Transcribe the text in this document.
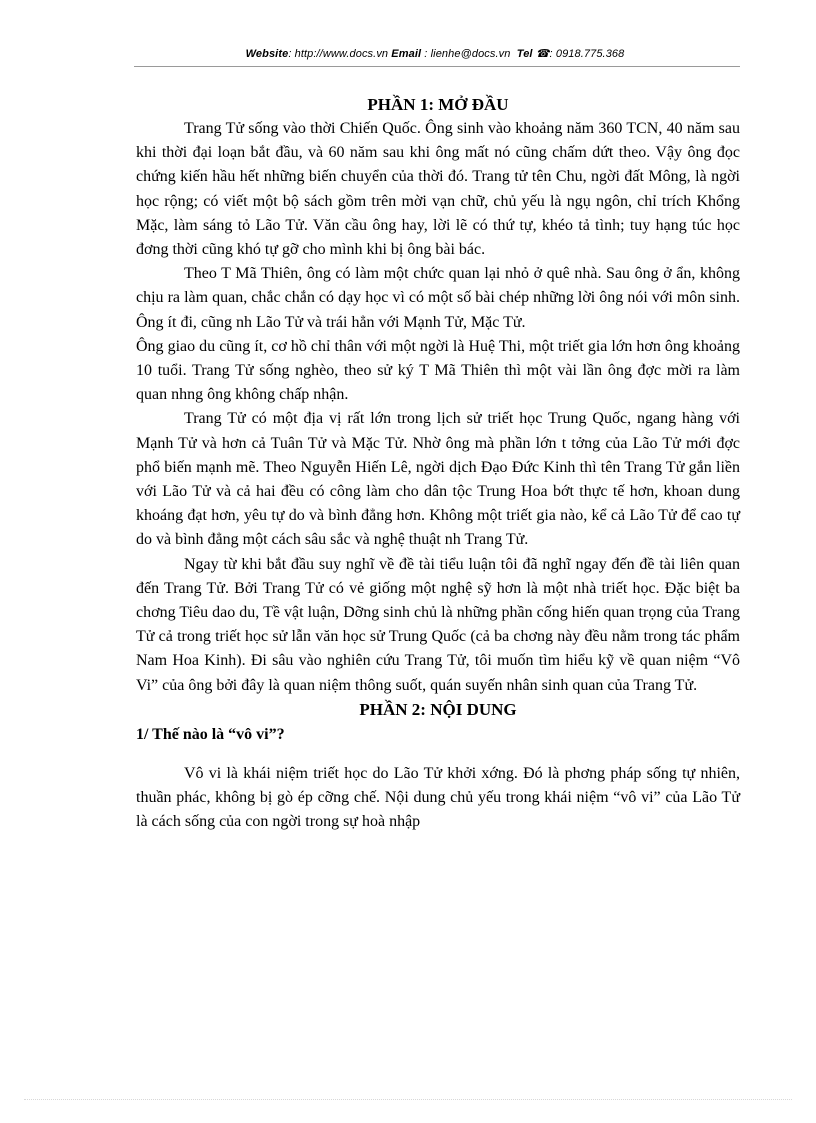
Website: http://www.docs.vn Email : lienhe@docs.vn Tel ☎: 0918.775.368
PHẦN 1: MỞ ĐẦU

Trang Tử sống vào thời Chiến Quốc. Ông sinh vào khoảng năm 360 TCN, 40 năm sau khi thời đại loạn bắt đầu, và 60 năm sau khi ông mất nó cũng chấm dứt theo. Vậy ông đọc chứng kiến hầu hết những biến chuyển của thời đó. Trang tử tên Chu, ngời đất Mông, là ngời học rộng; có viết một bộ sách gồm trên mời vạn chữ, chủ yếu là ngụ ngôn, chỉ trích Khổng Mặc, làm sáng tỏ Lão Tử. Văn cầu ông hay, lời lẽ có thứ tự, khéo tả tình; tuy hạng túc học đơng thời cũng khó tự gỡ cho mình khi bị ông bài bác.

Theo T Mã Thiên, ông có làm một chức quan lại nhỏ ở quê nhà. Sau ông ở ẩn, không chịu ra làm quan, chắc chắn có dạy học vì có một số bài chép những lời ông nói với môn sinh. Ông ít đi, cũng nh Lão Tử và trái hẳn với Mạnh Tử, Mặc Tử.

Ông giao du cũng ít, cơ hồ chỉ thân với một ngời là Huệ Thi, một triết gia lớn hơn ông khoảng 10 tuổi. Trang Tử sống nghèo, theo sử ký T Mã Thiên thì một vài lần ông đợc mời ra làm quan nhng ông không chấp nhận.

Trang Tử có một địa vị rất lớn trong lịch sử triết học Trung Quốc, ngang hàng với Mạnh Tử và hơn cả Tuân Tử và Mặc Tử. Nhờ ông mà phần lớn t tởng của Lão Tử mới đợc phổ biến mạnh mẽ. Theo Nguyễn Hiến Lê, ngời dịch Đạo Đức Kinh thì tên Trang Tử gắn liền với Lão Tử và cả hai đều có công làm cho dân tộc Trung Hoa bớt thực tế hơn, khoan dung khoáng đạt hơn, yêu tự do và bình đẳng hơn. Không một triết gia nào, kể cả Lão Tử để cao tự do và bình đẳng một cách sâu sắc và nghệ thuật nh Trang Tử.

Ngay từ khi bắt đầu suy nghĩ về đề tài tiểu luận tôi đã nghĩ ngay đến đề tài liên quan đến Trang Tử. Bởi Trang Tử có vẻ giống một nghệ sỹ hơn là một nhà triết học. Đặc biệt ba chơng Tiêu dao du, Tề vật luận, Dỡng sinh chủ là những phần cống hiến quan trọng của Trang Tử cả trong triết học sử lẫn văn học sử Trung Quốc (cả ba chơng này đều nằm trong tác phẩm Nam Hoa Kinh). Đi sâu vào nghiên cứu Trang Tử, tôi muốn tìm hiểu kỹ về quan niệm “Vô Vi” của ông bởi đây là quan niệm thông suốt, quán suyến nhân sinh quan của Trang Tử.

PHẦN 2: NỘI DUNG
1/ Thế nào là “vô vi”?

Vô vi là khái niệm triết học do Lão Tử khởi xớng. Đó là phơng pháp sống tự nhiên, thuần phác, không bị gò ép cỡng chế. Nội dung chủ yếu trong khái niệm “vô vi” của Lão Tử là cách sống của con ngời trong sự hoà nhập
